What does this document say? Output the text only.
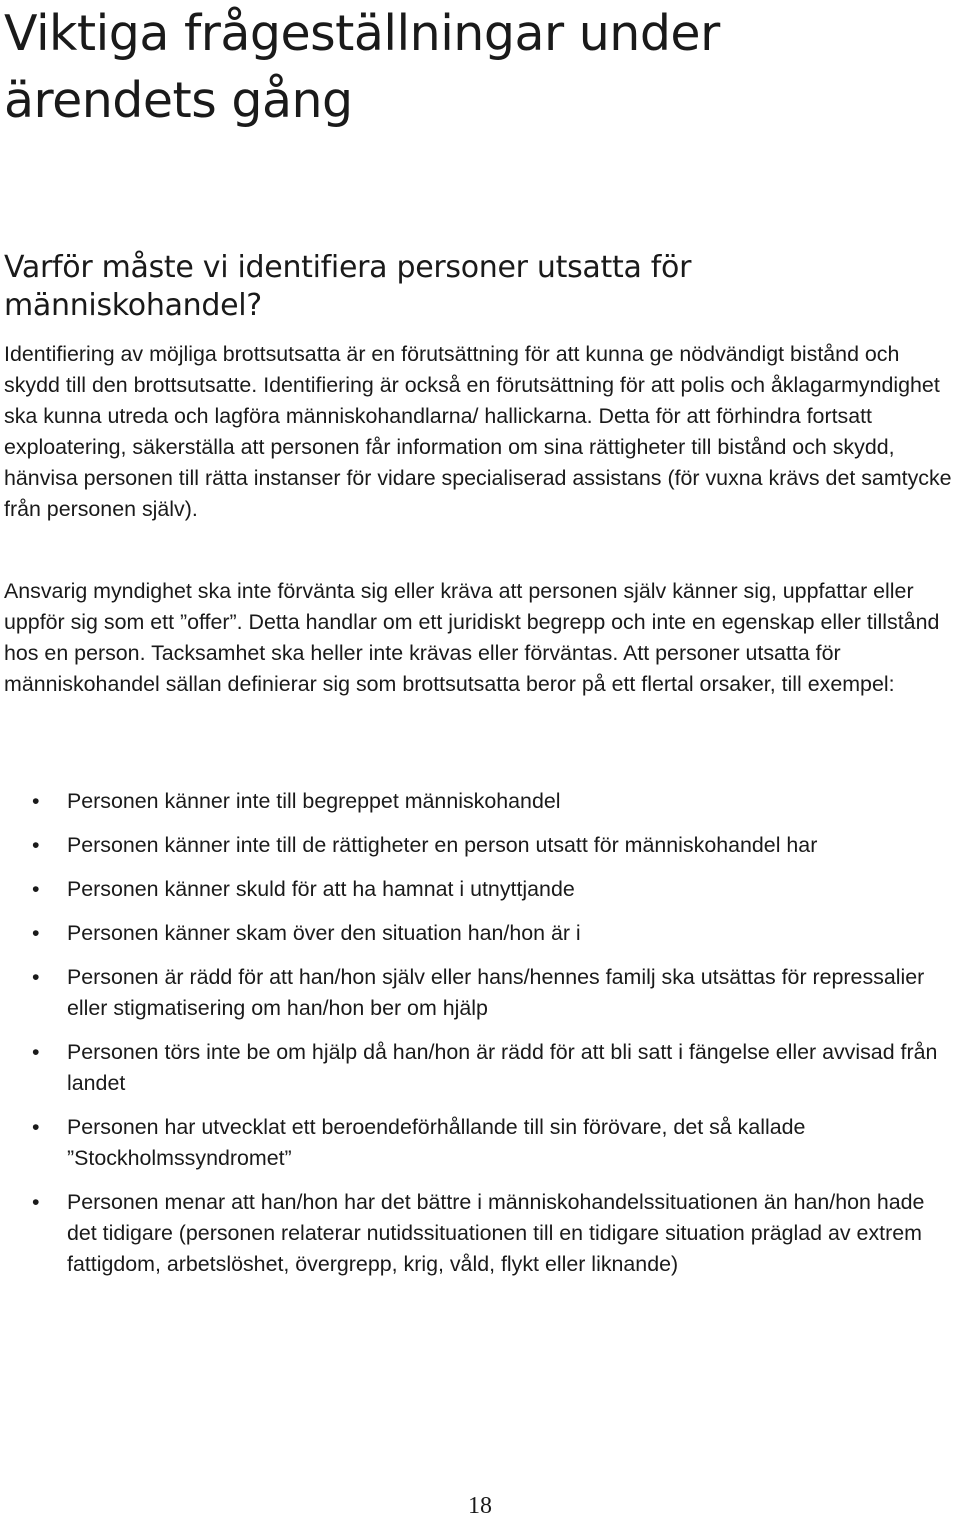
Viktiga frågeställningar under ärendets gång
Varför måste vi identifiera personer utsatta för människohandel?

Identifiering av möjliga brottsutsatta är en förutsättning för att kunna ge nödvändigt bistånd och skydd till den brottsutsatte. Identifiering är också en förutsättning för att polis och åklagarmyndighet ska kunna utreda och lagföra människohandlarna/ hallickarna. Detta för att förhindra fortsatt exploatering, säkerställa att personen får information om sina rättigheter till bistånd och skydd, hänvisa personen till rätta instanser för vidare specialiserad assistans (för vuxna krävs det samtycke från personen själv).

Ansvarig myndighet ska inte förvänta sig eller kräva att personen själv känner sig, uppfattar eller uppför sig som ett ”offer”. Detta handlar om ett juridiskt begrepp och inte en egenskap eller tillstånd hos en person. Tacksamhet ska heller inte krävas eller förväntas. Att personer utsatta för människohandel sällan definierar sig som brottsutsatta beror på ett flertal orsaker, till exempel:

• Personen känner inte till begreppet människohandel
• Personen känner inte till de rättigheter en person utsatt för människohandel har
• Personen känner skuld för att ha hamnat i utnyttjande
• Personen känner skam över den situation han/hon är i
• Personen är rädd för att han/hon själv eller hans/hennes familj ska utsättas för repressalier eller stigmatisering om han/hon ber om hjälp
• Personen törs inte be om hjälp då han/hon är rädd för att bli satt i fängelse eller avvisad från landet
• Personen har utvecklat ett beroendeförhållande till sin förövare, det så kallade ”Stockholmssyndromet”
• Personen menar att han/hon har det bättre i människohandelssituationen än han/hon hade det tidigare (personen relaterar nutidssituationen till en tidigare situation präglad av extrem fattigdom, arbetslöshet, övergrepp, krig, våld, flykt eller liknande)
18
